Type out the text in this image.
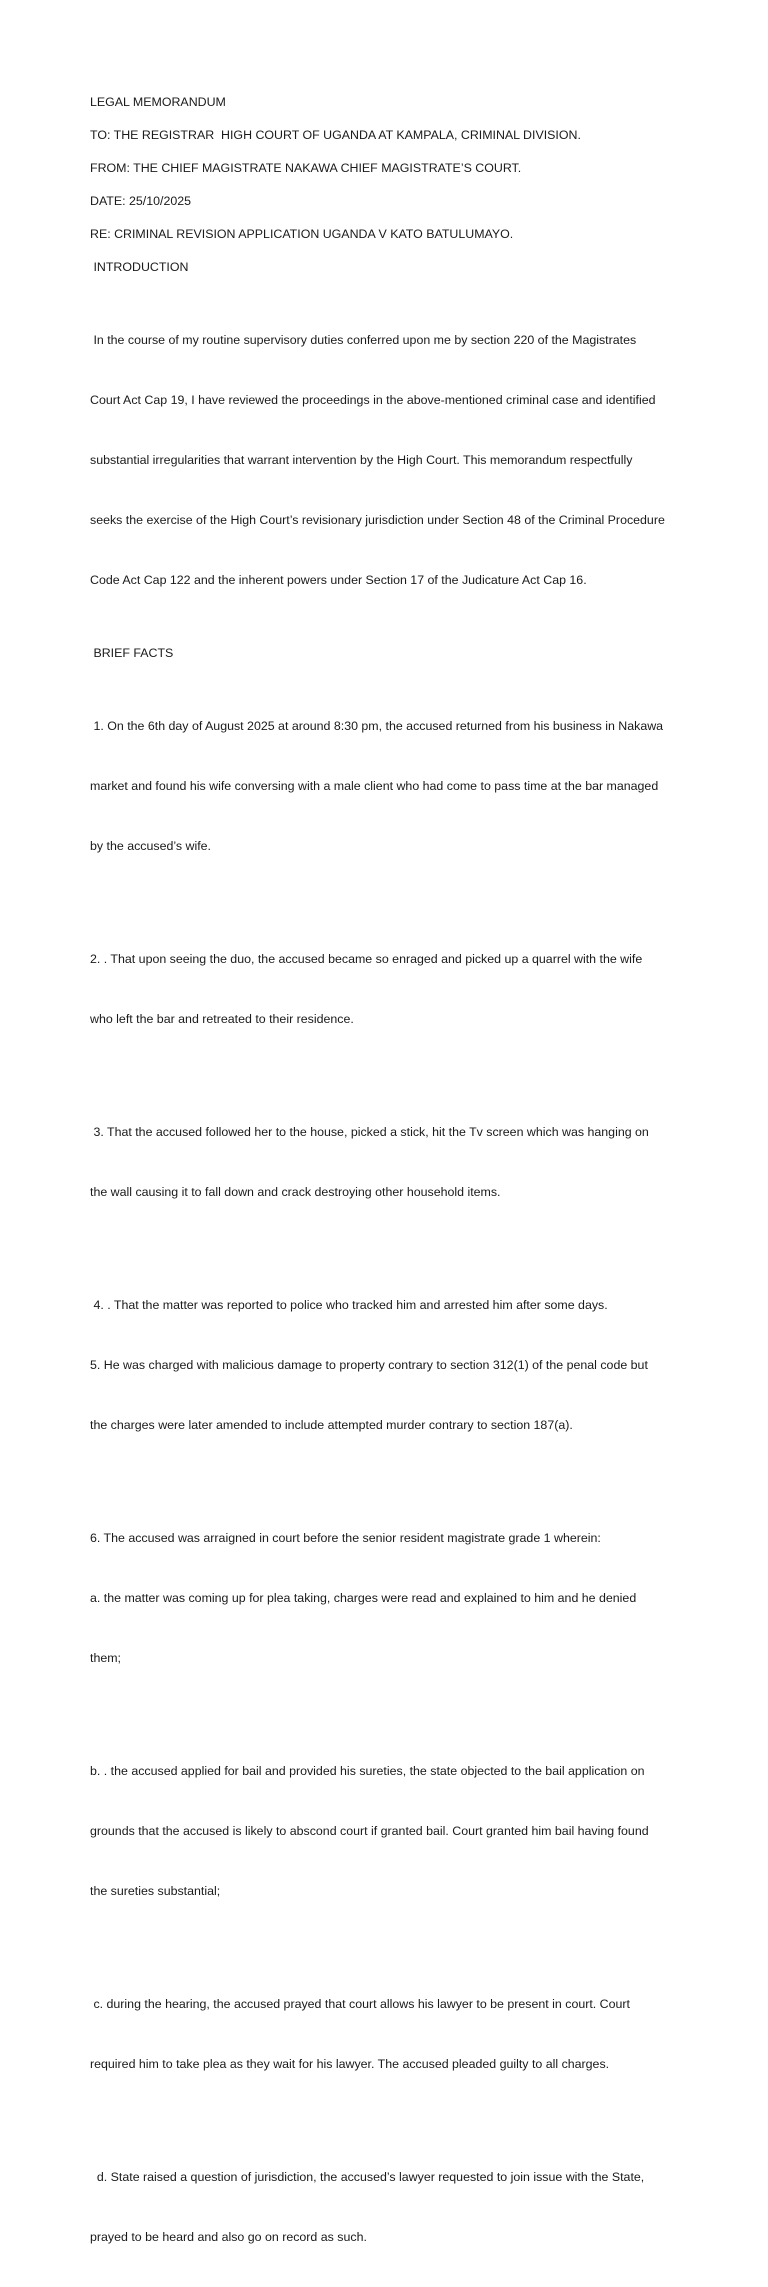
LEGAL MEMORANDUM

TO: THE REGISTRAR  HIGH COURT OF UGANDA AT KAMPALA, CRIMINAL DIVISION.

FROM: THE CHIEF MAGISTRATE NAKAWA CHIEF MAGISTRATE’S COURT.

DATE: 25/10/2025

RE: CRIMINAL REVISION APPLICATION UGANDA V KATO BATULUMAYO.

INTRODUCTION

In the course of my routine supervisory duties conferred upon me by section 220 of the Magistrates

Court Act Cap 19, I have reviewed the proceedings in the above-mentioned criminal case and identified

substantial irregularities that warrant intervention by the High Court. This memorandum respectfully

seeks the exercise of the High Court’s revisionary jurisdiction under Section 48 of the Criminal Procedure

Code Act Cap 122 and the inherent powers under Section 17 of the Judicature Act Cap 16.

BRIEF FACTS

1. On the 6th day of August 2025 at around 8:30 pm, the accused returned from his business in Nakawa

market and found his wife conversing with a male client who had come to pass time at the bar managed

by the accused’s wife.

2. . That upon seeing the duo, the accused became so enraged and picked up a quarrel with the wife

who left the bar and retreated to their residence.

3. That the accused followed her to the house, picked a stick, hit the Tv screen which was hanging on

the wall causing it to fall down and crack destroying other household items.

4. . That the matter was reported to police who tracked him and arrested him after some days.

5. He was charged with malicious damage to property contrary to section 312(1) of the penal code but

the charges were later amended to include attempted murder contrary to section 187(a).

6. The accused was arraigned in court before the senior resident magistrate grade 1 wherein:

a. the matter was coming up for plea taking, charges were read and explained to him and he denied

them;

b. . the accused applied for bail and provided his sureties, the state objected to the bail application on

grounds that the accused is likely to abscond court if granted bail. Court granted him bail having found

the sureties substantial;

c. during the hearing, the accused prayed that court allows his lawyer to be present in court. Court

required him to take plea as they wait for his lawyer. The accused pleaded guilty to all charges.

d. State raised a question of jurisdiction, the accused’s lawyer requested to join issue with the State,

prayed to be heard and also go on record as such.
